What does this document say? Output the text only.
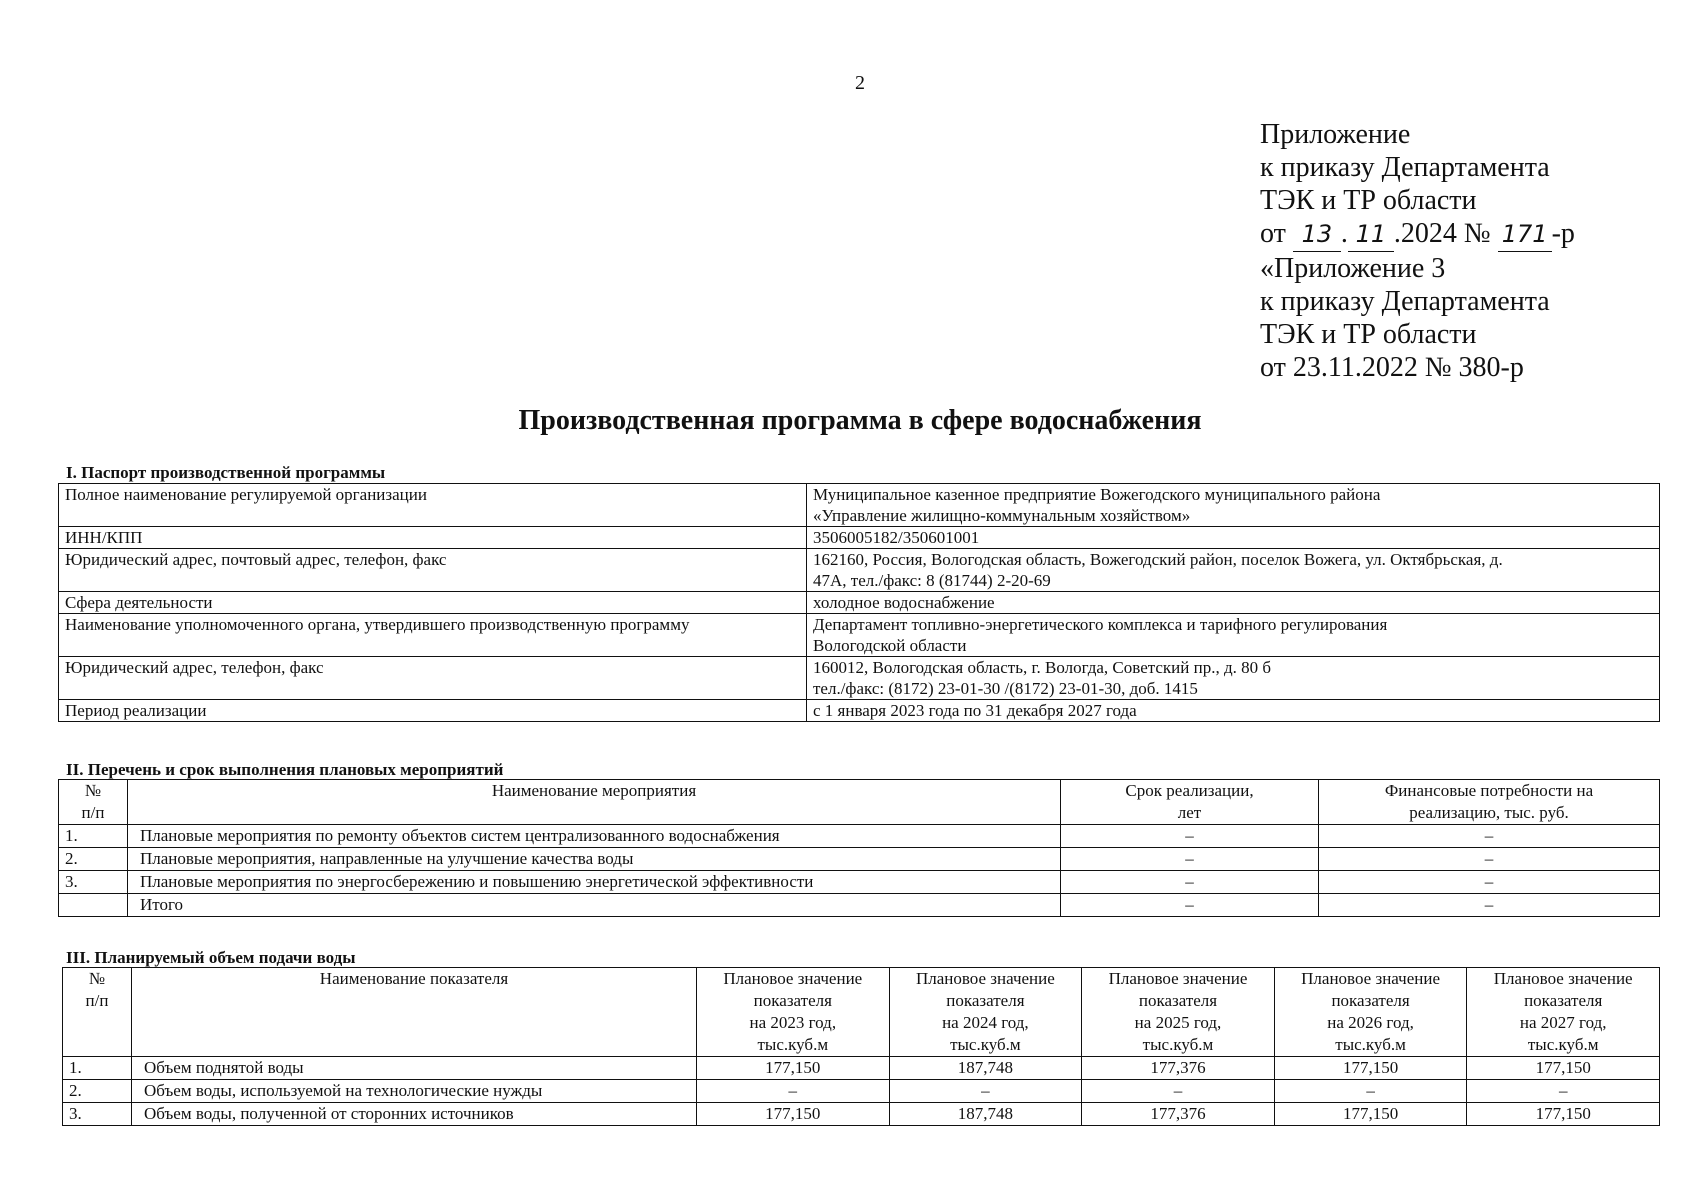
2
Приложение
к приказу Департамента
ТЭК и ТР области
от 13 . 11 .2024 № 171 -р
«Приложение 3
к приказу Департамента
ТЭК и ТР области
от 23.11.2022 № 380-р
Производственная программа в сфере водоснабжения
I. Паспорт производственной программы
Полное наименование регулируемой организации	Муниципальное казенное предприятие Вожегодского муниципального района
«Управление жилищно-коммунальным хозяйством»
ИНН/КПП	3506005182/350601001
Юридический адрес, почтовый адрес, телефон, факс	162160, Россия, Вологодская область, Вожегодский район, поселок Вожега, ул. Октябрьская, д.
47А, тел./факс: 8 (81744) 2-20-69
Сфера деятельности	холодное водоснабжение
Наименование уполномоченного органа, утвердившего производственную программу	Департамент топливно-энергетического комплекса и тарифного регулирования
Вологодской области
Юридический адрес, телефон, факс	160012, Вологодская область, г. Вологда, Советский пр., д. 80 б
тел./факс: (8172) 23-01-30 /(8172) 23-01-30, доб. 1415
Период реализации	с 1 января 2023 года по 31 декабря 2027 года
II. Перечень и срок выполнения плановых мероприятий
№
п/п	Наименование мероприятия	Срок реализации,
лет	Финансовые потребности на
реализацию, тыс. руб.
1.	Плановые мероприятия по ремонту объектов систем централизованного водоснабжения	–	–
2.	Плановые мероприятия, направленные на улучшение качества воды	–	–
3.	Плановые мероприятия по энергосбережению и повышению энергетической эффективности	–	–
	Итого	–	–
III. Планируемый объем подачи воды
№
п/п	Наименование показателя	Плановое значение
показателя
на 2023 год,
тыс.куб.м	Плановое значение
показателя
на 2024 год,
тыс.куб.м	Плановое значение
показателя
на 2025 год,
тыс.куб.м	Плановое значение
показателя
на 2026 год,
тыс.куб.м	Плановое значение
показателя
на 2027 год,
тыс.куб.м
1.	Объем поднятой воды	177,150	187,748	177,376	177,150	177,150
2.	Объем воды, используемой на технологические нужды	–	–	–	–	–
3.	Объем воды, полученной от сторонних источников	177,150	187,748	177,376	177,150	177,150
